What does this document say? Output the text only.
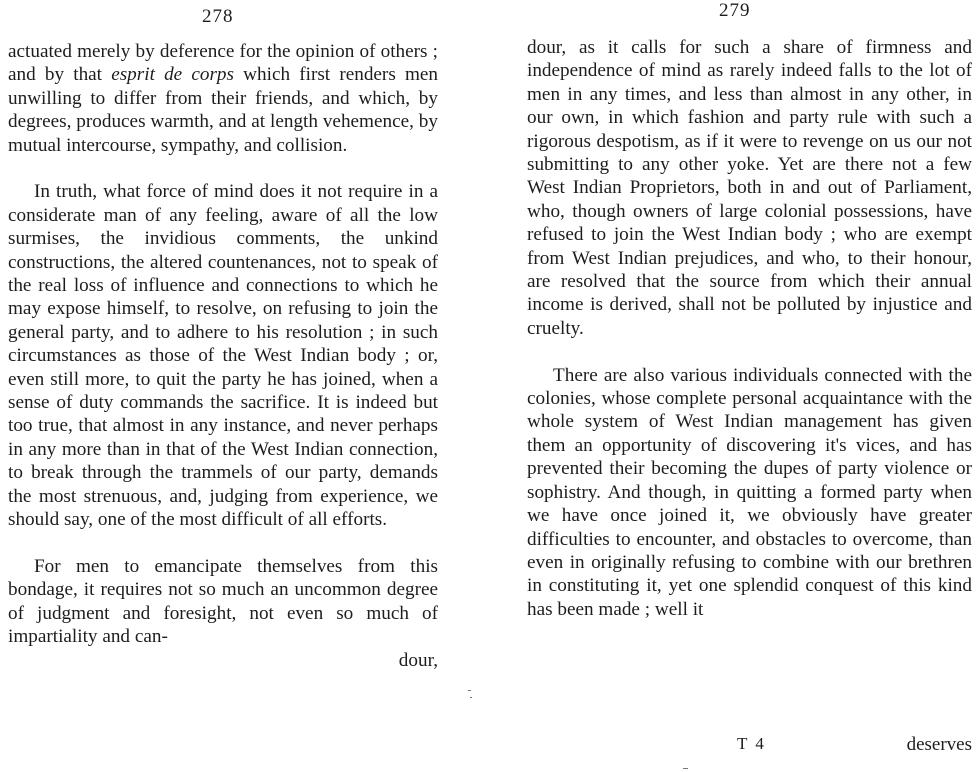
278

actuated merely by deference for the opinion of others ; and by that esprit de corps which first renders men unwilling to differ from their friends, and which, by degrees, produces warmth, and at length vehemence, by mutual intercourse, sympathy, and collision.

In truth, what force of mind does it not require in a considerate man of any feeling, aware of all the low surmises, the invidious comments, the unkind constructions, the altered countenances, not to speak of the real loss of influence and connections to which he may expose himself, to resolve, on refusing to join the general party, and to adhere to his resolution ; in such circumstances as those of the West Indian body ; or, even still more, to quit the party he has joined, when a sense of duty commands the sacrifice. It is indeed but too true, that almost in any instance, and never perhaps in any more than in that of the West Indian connection, to break through the trammels of our party, demands the most strenuous, and, judging from experience, we should say, one of the most difficult of all efforts.

For men to emancipate themselves from this bondage, it requires not so much an uncommon degree of judgment and foresight, not even so much of impartiality and can-
dour,

279

dour, as it calls for such a share of firmness and independence of mind as rarely indeed falls to the lot of men in any times, and less than almost in any other, in our own, in which fashion and party rule with such a rigorous despotism, as if it were to revenge on us our not submitting to any other yoke. Yet are there not a few West Indian Proprietors, both in and out of Parliament, who, though owners of large colonial possessions, have refused to join the West Indian body ; who are exempt from West Indian prejudices, and who, to their honour, are resolved that the source from which their annual income is derived, shall not be polluted by injustice and cruelty.

There are also various individuals connected with the colonies, whose complete personal acquaintance with the whole system of West Indian management has given them an opportunity of discovering it's vices, and has prevented their becoming the dupes of party violence or sophistry. And though, in quitting a formed party when we have once joined it, we obviously have greater difficulties to encounter, and obstacles to overcome, than even in originally refusing to combine with our brethren in constituting it, yet one splendid conquest of this kind has been made ; well it

T 4	deserves
